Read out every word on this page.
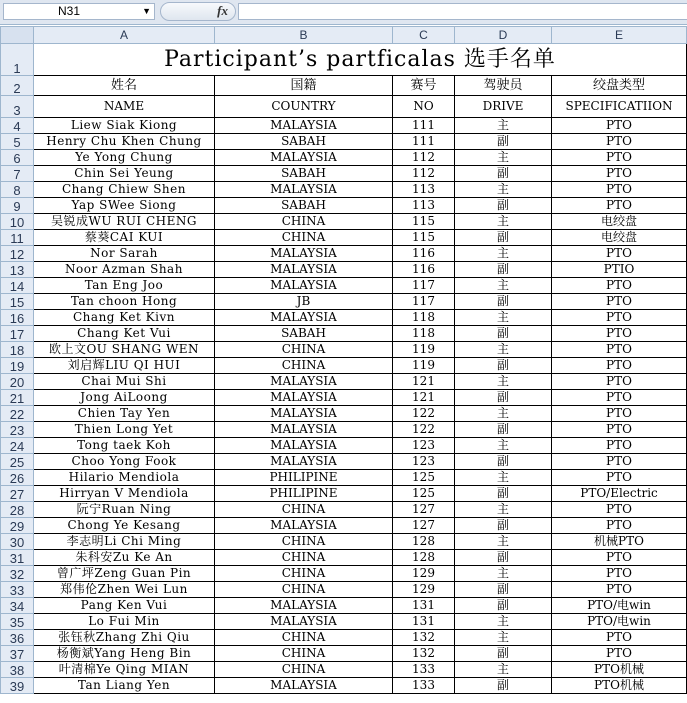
N31	▼	fx
	A	B	C	D	E
1	Participant’s partficalas 选手名单				
2	姓名	国籍	赛号	驾驶员	绞盘类型
3	NAME	COUNTRY	NO	DRIVE	SPECIFICATIION
4	Liew Siak Kiong	MALAYSIA	111	主	PTO
5	Henry Chu Khen Chung	SABAH	111	副	PTO
6	Ye Yong Chung	MALAYSIA	112	主	PTO
7	Chin Sei Yeung	SABAH	112	副	PTO
8	Chang Chiew Shen	MALAYSIA	113	主	PTO
9	Yap SWee Siong	SABAH	113	副	PTO
10	吴锐成WU RUI CHENG	CHINA	115	主	电绞盘
11	蔡葵CAI KUI	CHINA	115	副	电绞盘
12	Nor Sarah	MALAYSIA	116	主	PTO
13	Noor Azman Shah	MALAYSIA	116	副	PTIO
14	Tan Eng Joo	MALAYSIA	117	主	PTO
15	Tan choon Hong	JB	117	副	PTO
16	Chang Ket Kivn	MALAYSIA	118	主	PTO
17	Chang Ket Vui	SABAH	118	副	PTO
18	欧上文OU SHANG WEN	CHINA	119	主	PTO
19	刘启辉LIU QI HUI	CHINA	119	副	PTO
20	Chai Mui Shi	MALAYSIA	121	主	PTO
21	Jong AiLoong	MALAYSIA	121	副	PTO
22	Chien Tay Yen	MALAYSIA	122	主	PTO
23	Thien Long Yet	MALAYSIA	122	副	PTO
24	Tong taek Koh	MALAYSIA	123	主	PTO
25	Choo Yong Fook	MALAYSIA	123	副	PTO
26	Hilario Mendiola	PHILIPINE	125	主	PTO
27	Hirryan V Mendiola	PHILIPINE	125	副	PTO/Electric
28	阮宁Ruan Ning	CHINA	127	主	PTO
29	Chong Ye Kesang	MALAYSIA	127	副	PTO
30	李志明Li Chi Ming	CHINA	128	主	机械PTO
31	朱科安Zu Ke An	CHINA	128	副	PTO
32	曾广坪Zeng Guan Pin	CHINA	129	主	PTO
33	郑伟伦Zhen Wei Lun	CHINA	129	副	PTO
34	Pang Ken Vui	MALAYSIA	131	副	PTO/电win
35	Lo Fui Min	MALAYSIA	131	主	PTO/电win
36	张钰秋Zhang Zhi Qiu	CHINA	132	主	PTO
37	杨衡斌Yang Heng Bin	CHINA	132	副	PTO
38	叶清棉Ye Qing MIAN	CHINA	133	主	PTO机械
39	Tan Liang Yen	MALAYSIA	133	副	PTO机械
